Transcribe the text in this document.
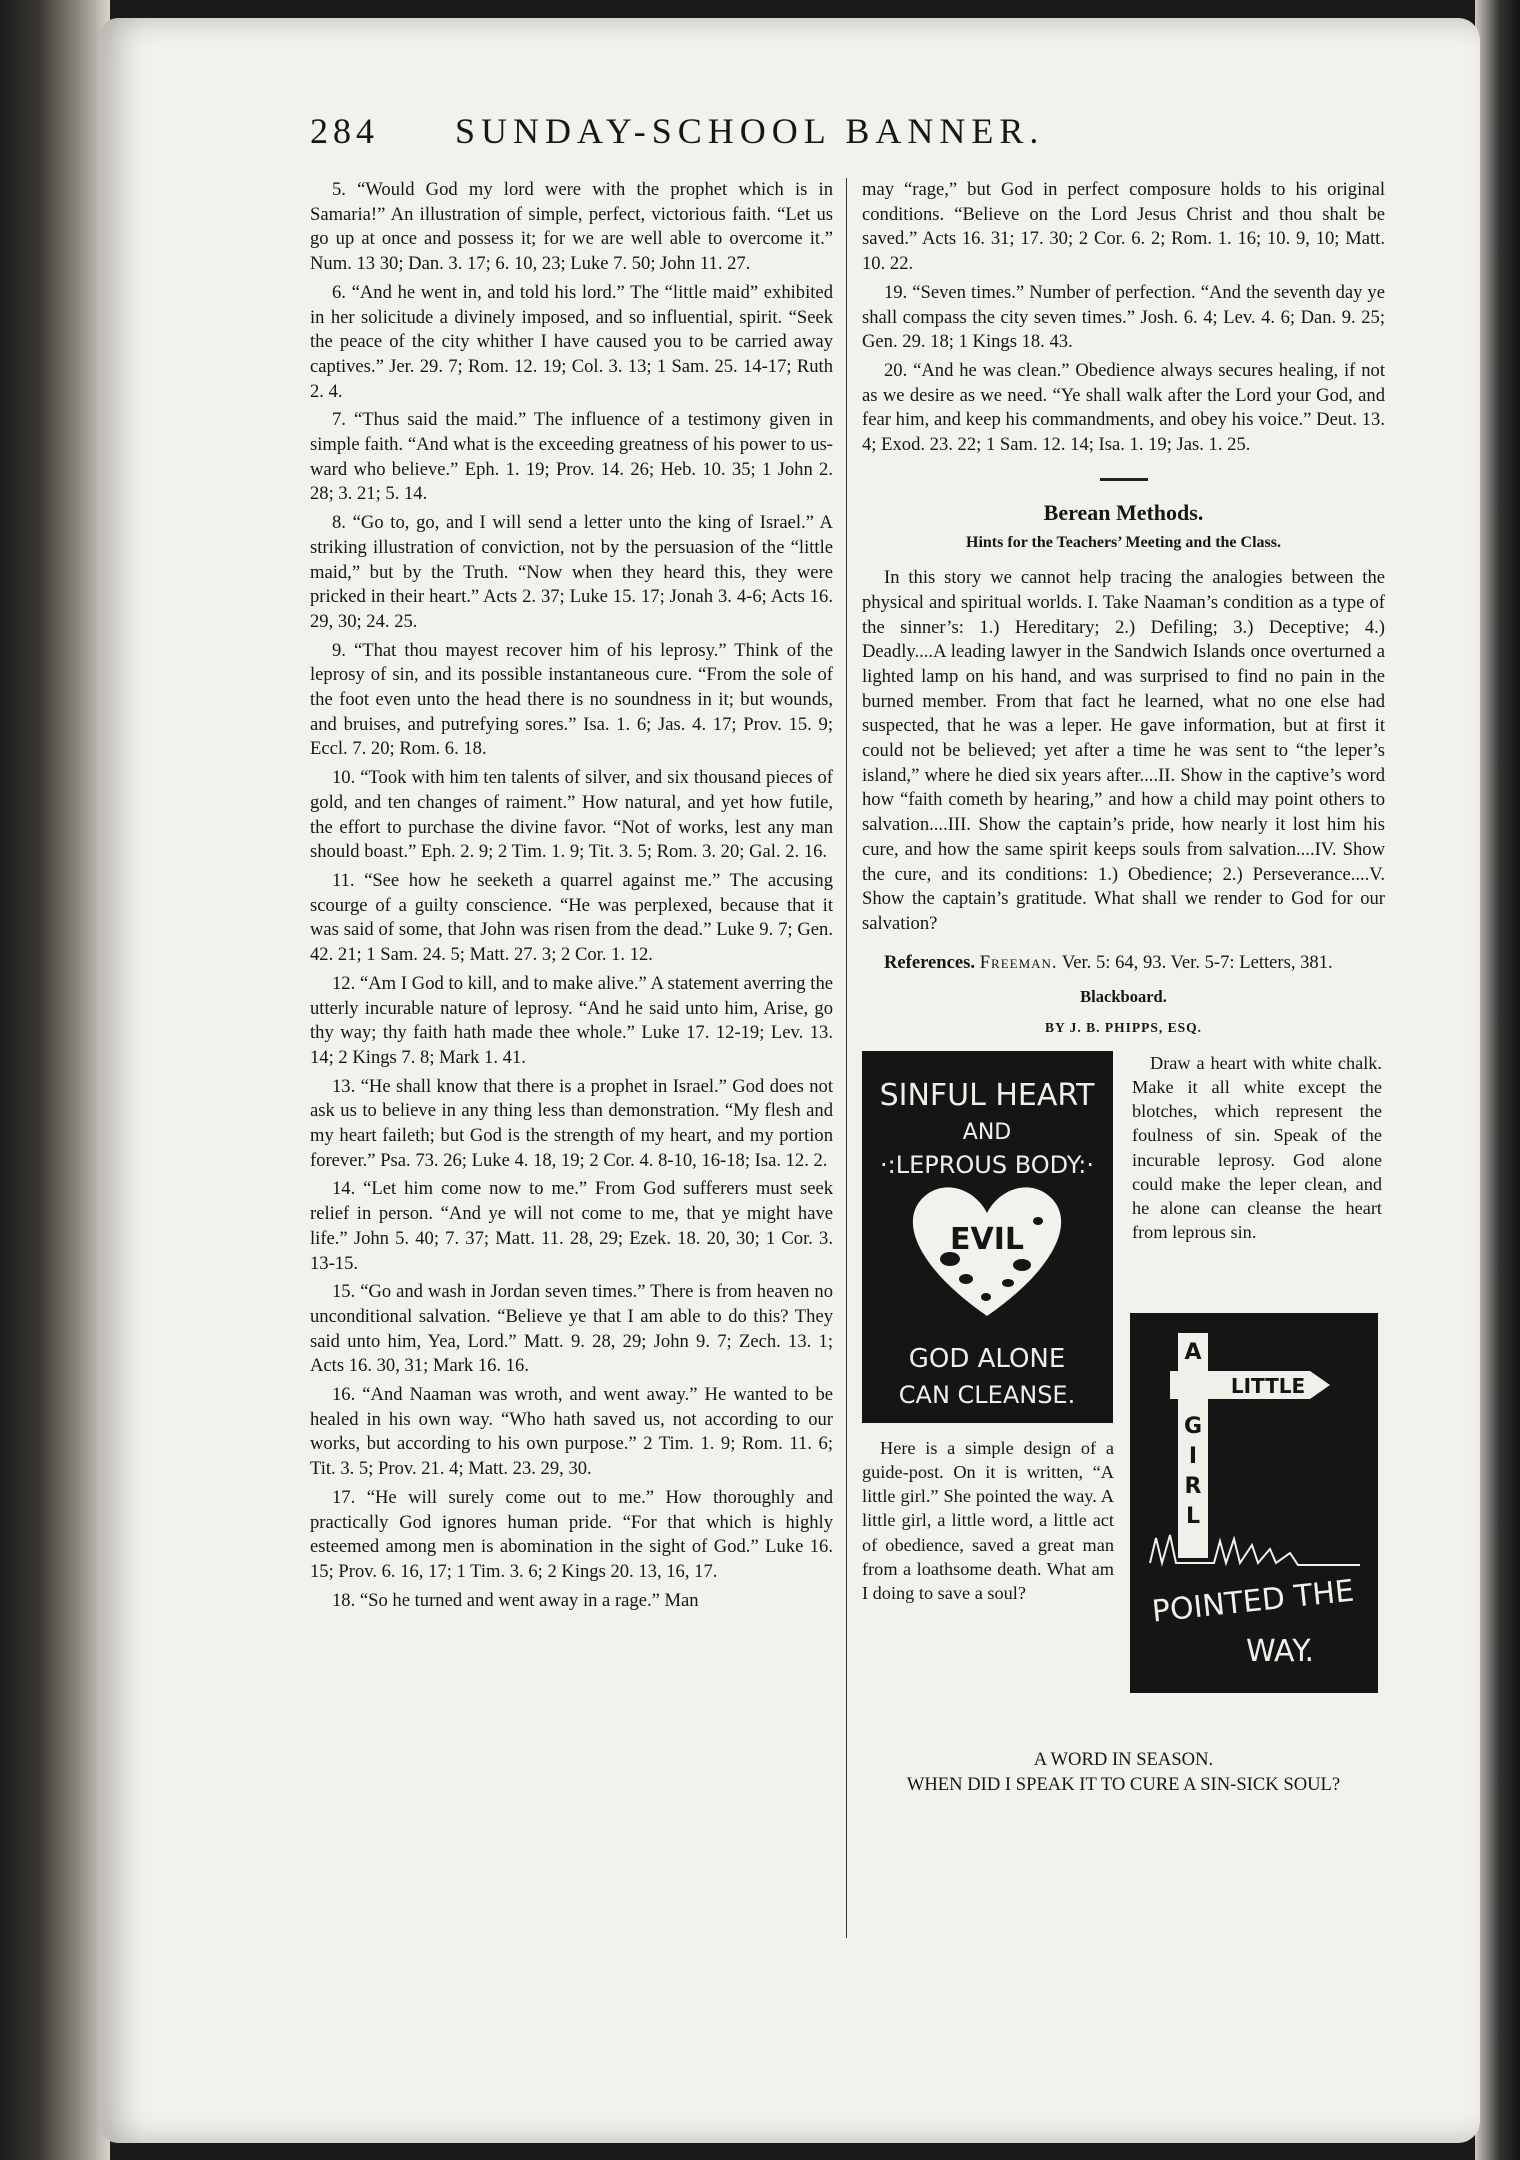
284 SUNDAY-SCHOOL BANNER.

5. “Would God my lord were with the prophet which is in Samaria!” An illustration of simple, perfect, victorious faith. “Let us go up at once and possess it; for we are well able to overcome it.” Num. 13 30; Dan. 3. 17; 6. 10, 23; Luke 7. 50; John 11. 27.

6. “And he went in, and told his lord.” The “little maid” exhibited in her solicitude a divinely imposed, and so influential, spirit. “Seek the peace of the city whither I have caused you to be carried away captives.” Jer. 29. 7; Rom. 12. 19; Col. 3. 13; 1 Sam. 25. 14-17; Ruth 2. 4.

7. “Thus said the maid.” The influence of a testimony given in simple faith. “And what is the exceeding greatness of his power to us-ward who believe.” Eph. 1. 19; Prov. 14. 26; Heb. 10. 35; 1 John 2. 28; 3. 21; 5. 14.

8. “Go to, go, and I will send a letter unto the king of Israel.” A striking illustration of conviction, not by the persuasion of the “little maid,” but by the Truth. “Now when they heard this, they were pricked in their heart.” Acts 2. 37; Luke 15. 17; Jonah 3. 4-6; Acts 16. 29, 30; 24. 25.

9. “That thou mayest recover him of his leprosy.” Think of the leprosy of sin, and its possible instantaneous cure. “From the sole of the foot even unto the head there is no soundness in it; but wounds, and bruises, and putrefying sores.” Isa. 1. 6; Jas. 4. 17; Prov. 15. 9; Eccl. 7. 20; Rom. 6. 18.

10. “Took with him ten talents of silver, and six thousand pieces of gold, and ten changes of raiment.” How natural, and yet how futile, the effort to purchase the divine favor. “Not of works, lest any man should boast.” Eph. 2. 9; 2 Tim. 1. 9; Tit. 3. 5; Rom. 3. 20; Gal. 2. 16.

11. “See how he seeketh a quarrel against me.” The accusing scourge of a guilty conscience. “He was perplexed, because that it was said of some, that John was risen from the dead.” Luke 9. 7; Gen. 42. 21; 1 Sam. 24. 5; Matt. 27. 3; 2 Cor. 1. 12.

12. “Am I God to kill, and to make alive.” A statement averring the utterly incurable nature of leprosy. “And he said unto him, Arise, go thy way; thy faith hath made thee whole.” Luke 17. 12-19; Lev. 13. 14; 2 Kings 7. 8; Mark 1. 41.

13. “He shall know that there is a prophet in Israel.” God does not ask us to believe in any thing less than demonstration. “My flesh and my heart faileth; but God is the strength of my heart, and my portion forever.” Psa. 73. 26; Luke 4. 18, 19; 2 Cor. 4. 8-10, 16-18; Isa. 12. 2.

14. “Let him come now to me.” From God sufferers must seek relief in person. “And ye will not come to me, that ye might have life.” John 5. 40; 7. 37; Matt. 11. 28, 29; Ezek. 18. 20, 30; 1 Cor. 3. 13-15.

15. “Go and wash in Jordan seven times.” There is from heaven no unconditional salvation. “Believe ye that I am able to do this? They said unto him, Yea, Lord.” Matt. 9. 28, 29; John 9. 7; Zech. 13. 1; Acts 16. 30, 31; Mark 16. 16.

16. “And Naaman was wroth, and went away.” He wanted to be healed in his own way. “Who hath saved us, not according to our works, but according to his own purpose.” 2 Tim. 1. 9; Rom. 11. 6; Tit. 3. 5; Prov. 21. 4; Matt. 23. 29, 30.

17. “He will surely come out to me.” How thoroughly and practically God ignores human pride. “For that which is highly esteemed among men is abomination in the sight of God.” Luke 16. 15; Prov. 6. 16, 17; 1 Tim. 3. 6; 2 Kings 20. 13, 16, 17.

18. “So he turned and went away in a rage.” Man

may “rage,” but God in perfect composure holds to his original conditions. “Believe on the Lord Jesus Christ and thou shalt be saved.” Acts 16. 31; 17. 30; 2 Cor. 6. 2; Rom. 1. 16; 10. 9, 10; Matt. 10. 22.

19. “Seven times.” Number of perfection. “And the seventh day ye shall compass the city seven times.” Josh. 6. 4; Lev. 4. 6; Dan. 9. 25; Gen. 29. 18; 1 Kings 18. 43.

20. “And he was clean.” Obedience always secures healing, if not as we desire as we need. “Ye shall walk after the Lord your God, and fear him, and keep his commandments, and obey his voice.” Deut. 13. 4; Exod. 23. 22; 1 Sam. 12. 14; Isa. 1. 19; Jas. 1. 25.

Berean Methods.
Hints for the Teachers’ Meeting and the Class.

In this story we cannot help tracing the analogies between the physical and spiritual worlds. I. Take Naaman’s condition as a type of the sinner’s: 1.) Hereditary; 2.) Defiling; 3.) Deceptive; 4.) Deadly....A leading lawyer in the Sandwich Islands once overturned a lighted lamp on his hand, and was surprised to find no pain in the burned member. From that fact he learned, what no one else had suspected, that he was a leper. He gave information, but at first it could not be believed; yet after a time he was sent to “the leper’s island,” where he died six years after....II. Show in the captive’s word how “faith cometh by hearing,” and how a child may point others to salvation....III. Show the captain’s pride, how nearly it lost him his cure, and how the same spirit keeps souls from salvation....IV. Show the cure, and its conditions: 1.) Obedience; 2.) Perseverance....V. Show the captain’s gratitude. What shall we render to God for our salvation?

References. Freeman. Ver. 5: 64, 93. Ver. 5-7: Letters, 381.

Blackboard.
BY J. B. PHIPPS, ESQ.
SINFUL HEART
AND
·:LEPROUS BODY:·
EVIL
GOD ALONE
CAN CLEANSE.

Draw a heart with white chalk. Make it all white except the blotches, which represent the foulness of sin. Speak of the incurable leprosy. God alone could make the leper clean, and he alone can cleanse the heart from leprous sin.

Here is a simple design of a guide-post. On it is written, “A little girl.” She pointed the way. A little girl, a little word, a little act of obedience, saved a great man from a loathsome death. What am I doing to save a soul?

A
LITTLE
G
I
R
L
POINTED THE
WAY.
A WORD IN SEASON.
WHEN DID I SPEAK IT TO CURE A SIN-SICK SOUL?
